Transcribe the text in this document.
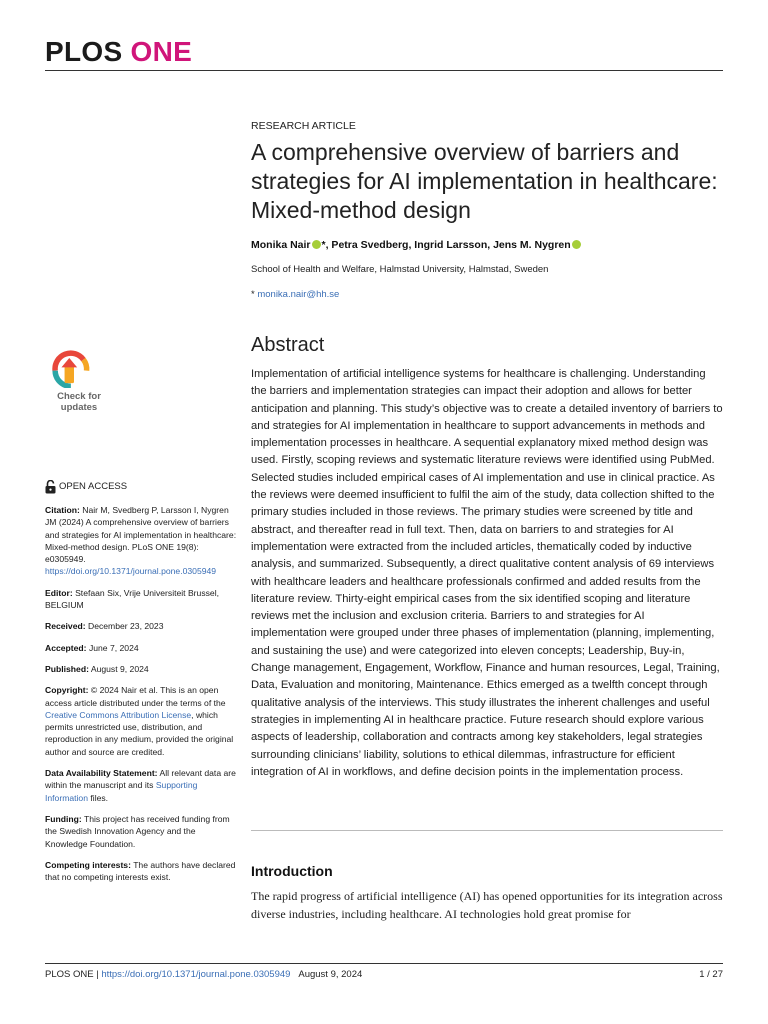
PLOS ONE
RESEARCH ARTICLE
A comprehensive overview of barriers and strategies for AI implementation in healthcare: Mixed-method design
Monika Nair *, Petra Svedberg, Ingrid Larsson, Jens M. Nygren
School of Health and Welfare, Halmstad University, Halmstad, Sweden
* monika.nair@hh.se
Abstract
Implementation of artificial intelligence systems for healthcare is challenging. Understanding the barriers and implementation strategies can impact their adoption and allows for better anticipation and planning. This study’s objective was to create a detailed inventory of barriers to and strategies for AI implementation in healthcare to support advancements in methods and implementation processes in healthcare. A sequential explanatory mixed method design was used. Firstly, scoping reviews and systematic literature reviews were identified using PubMed. Selected studies included empirical cases of AI implementation and use in clinical practice. As the reviews were deemed insufficient to fulfil the aim of the study, data collection shifted to the primary studies included in those reviews. The primary studies were screened by title and abstract, and thereafter read in full text. Then, data on barriers to and strategies for AI implementation were extracted from the included articles, thematically coded by inductive analysis, and summarized. Subsequently, a direct qualitative content analysis of 69 interviews with healthcare leaders and healthcare professionals confirmed and added results from the literature review. Thirty-eight empirical cases from the six identified scoping and literature reviews met the inclusion and exclusion criteria. Barriers to and strategies for AI implementation were grouped under three phases of implementation (planning, implementing, and sustaining the use) and were categorized into eleven concepts; Leadership, Buy-in, Change management, Engagement, Workflow, Finance and human resources, Legal, Training, Data, Evaluation and monitoring, Maintenance. Ethics emerged as a twelfth concept through qualitative analysis of the interviews. This study illustrates the inherent challenges and useful strategies in implementing AI in healthcare practice. Future research should explore various aspects of leadership, collaboration and contracts among key stakeholders, legal strategies surrounding clinicians’ liability, solutions to ethical dilemmas, infrastructure for efficient integration of AI in workflows, and define decision points in the implementation process.
Introduction
The rapid progress of artificial intelligence (AI) has opened opportunities for its integration across diverse industries, including healthcare. AI technologies hold great promise for
Check for
updates
OPEN ACCESS

Citation: Nair M, Svedberg P, Larsson I, Nygren JM (2024) A comprehensive overview of barriers and strategies for AI implementation in healthcare: Mixed-method design. PLoS ONE 19(8): e0305949. https://doi.org/10.1371/journal.pone.0305949

Editor: Stefaan Six, Vrije Universiteit Brussel, BELGIUM

Received: December 23, 2023

Accepted: June 7, 2024

Published: August 9, 2024

Copyright: © 2024 Nair et al. This is an open access article distributed under the terms of the Creative Commons Attribution License, which permits unrestricted use, distribution, and reproduction in any medium, provided the original author and source are credited.

Data Availability Statement: All relevant data are within the manuscript and its Supporting Information files.

Funding: This project has received funding from the Swedish Innovation Agency and the Knowledge Foundation.

Competing interests: The authors have declared that no competing interests exist.

PLOS ONE | https://doi.org/10.1371/journal.pone.0305949 August 9, 2024	1 / 27
